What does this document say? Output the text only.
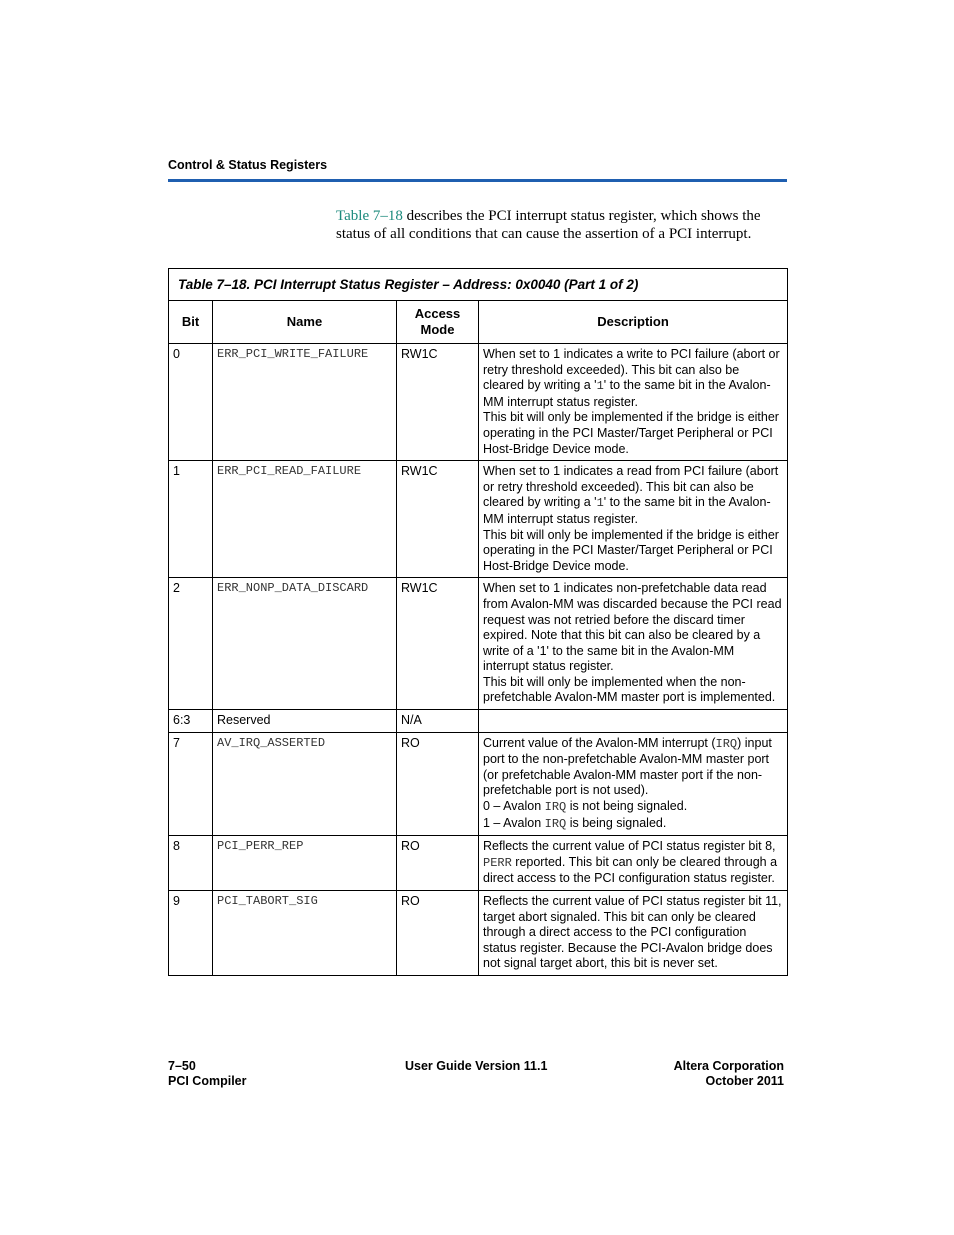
Control & Status Registers

Table 7–18 describes the PCI interrupt status register, which shows the status of all conditions that can cause the assertion of a PCI interrupt.

Table 7–18. PCI Interrupt Status Register – Address: 0x0040 (Part 1 of 2)			
Bit	Name	Access Mode	Description
0	ERR_PCI_WRITE_FAILURE	RW1C	When set to 1 indicates a write to PCI failure (abort or retry threshold exceeded). This bit can also be cleared by writing a '1' to the same bit in the Avalon-MM interrupt status register.
This bit will only be implemented if the bridge is either operating in the PCI Master/Target Peripheral or PCI Host-Bridge Device mode.

1	ERR_PCI_READ_FAILURE	RW1C	When set to 1 indicates a read from PCI failure (abort or retry threshold exceeded). This bit can also be cleared by writing a '1' to the same bit in the Avalon-MM interrupt status register.
This bit will only be implemented if the bridge is either operating in the PCI Master/Target Peripheral or PCI Host-Bridge Device mode.

2	ERR_NONP_DATA_DISCARD	RW1C	When set to 1 indicates non-prefetchable data read from Avalon-MM was discarded because the PCI read request was not retried before the discard timer expired. Note that this bit can also be cleared by a write of a '1' to the same bit in the Avalon-MM interrupt status register.
This bit will only be implemented when the non-prefetchable Avalon-MM master port is implemented.

6:3	Reserved	N/A	
7	AV_IRQ_ASSERTED	RO	Current value of the Avalon-MM interrupt (IRQ) input port to the non-prefetchable Avalon-MM master port (or prefetchable Avalon-MM master port if the non-prefetchable port is not used).
0 – Avalon IRQ is not being signaled.
1 – Avalon IRQ is being signaled.

8	PCI_PERR_REP	RO	Reflects the current value of PCI status register bit 8, PERR reported. This bit can only be cleared through a direct access to the PCI configuration status register.

9	PCI_TABORT_SIG	RO	Reflects the current value of PCI status register bit 11, target abort signaled. This bit can only be cleared through a direct access to the PCI configuration status register. Because the PCI-Avalon bridge does not signal target abort, this bit is never set.
7–50
PCI Compiler
User Guide Version 11.1	Altera Corporation
October 2011
